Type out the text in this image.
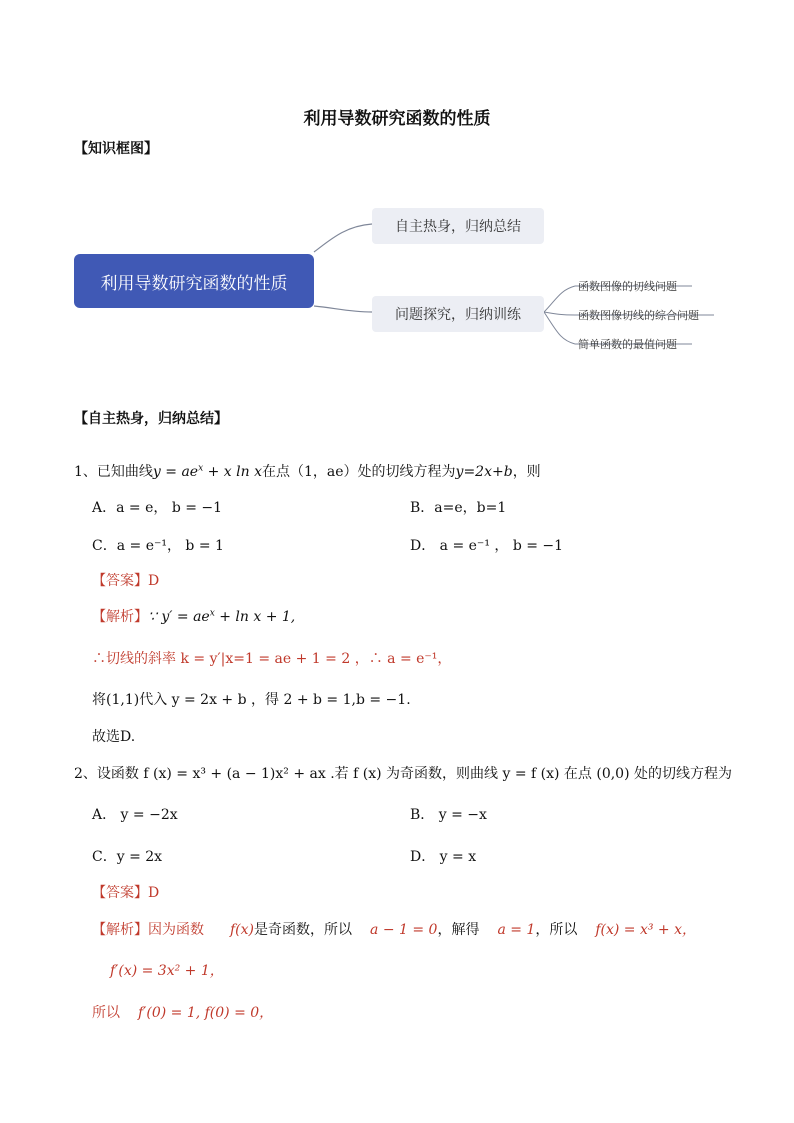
利用导数研究函数的性质
【知识框图】
利用导数研究函数的性质
自主热身，归纳总结
问题探究，归纳训练
函数图像的切线问题
函数图像切线的综合问题
简单函数的最值问题
【自主热身，归纳总结】
1、已知曲线$y = ae^x + x$ ln x在点（1，ae）处的切线方程为y=2x+b，则
A．a = e， b = −1	B．a=e，b=1
C．a = e⁻¹， b = 1	D． a = e⁻¹ ， b = −1
【答案】D
【解析】∵ $y' = ae^x + \ln x + 1$,
∴切线的斜率 k = y′|x=1 = ae + 1 = 2 ，∴ a = e⁻¹，
将(1,1)代入 y = 2x + b ，得 2 + b = 1,b = −1.
故选D.
2、设函数 f (x) = x³ + (a − 1)x² + ax .若 f (x) 为奇函数，则曲线 y = f (x) 在点 (0,0) 处的切线方程为
A． y = −2x	B． y = −x
C．y = 2x	D． y = x
【答案】D
【解析】因为函数 f(x)是奇函数，所以 a − 1 = 0，解得 a = 1，所以 f(x) = x³ + x，
f′(x) = 3x² + 1，
所以 f′(0) = 1, f(0) = 0，
